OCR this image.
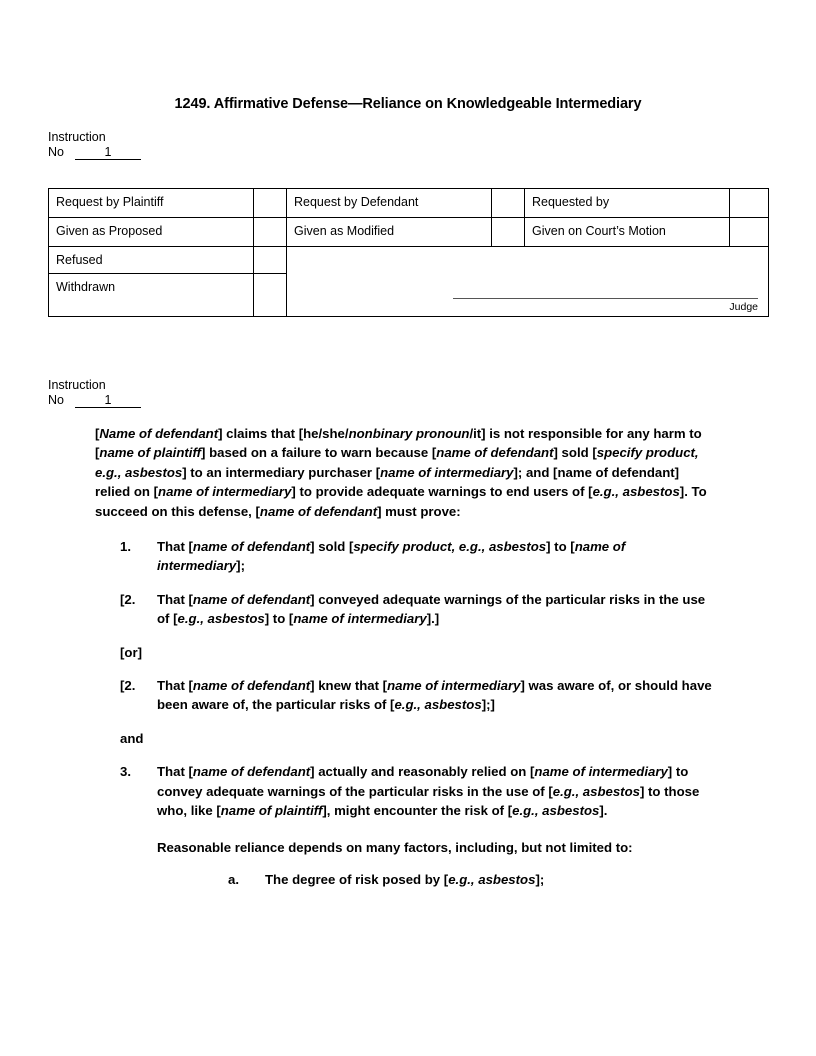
1249. Affirmative Defense—Reliance on Knowledgeable Intermediary
Instruction
No	1
Request by Plaintiff		Request by Defendant		Requested by	
Given as Proposed		Given as Modified		Given on Court’s Motion	
Refused		Judge			

Withdrawn					
Instruction
No	1
[Name of defendant] claims that [he/she/nonbinary pronoun/it] is not responsible for any harm to [name of plaintiff] based on a failure to warn because [name of defendant] sold [specify product, e.g., asbestos] to an intermediary purchaser [name of intermediary]; and [name of defendant] relied on [name of intermediary] to provide adequate warnings to end users of [e.g., asbestos]. To succeed on this defense, [name of defendant] must prove:
1. That [name of defendant] sold [specify product, e.g., asbestos] to [name of intermediary];
[2. That [name of defendant] conveyed adequate warnings of the particular risks in the use of [e.g., asbestos] to [name of intermediary].]
[or]
[2. That [name of defendant] knew that [name of intermediary] was aware of, or should have been aware of, the particular risks of [e.g., asbestos];]
and
3. That [name of defendant] actually and reasonably relied on [name of intermediary] to convey adequate warnings of the particular risks in the use of [e.g., asbestos] to those who, like [name of plaintiff], might encounter the risk of [e.g., asbestos].
Reasonable reliance depends on many factors, including, but not limited to:
a. The degree of risk posed by [e.g., asbestos];
